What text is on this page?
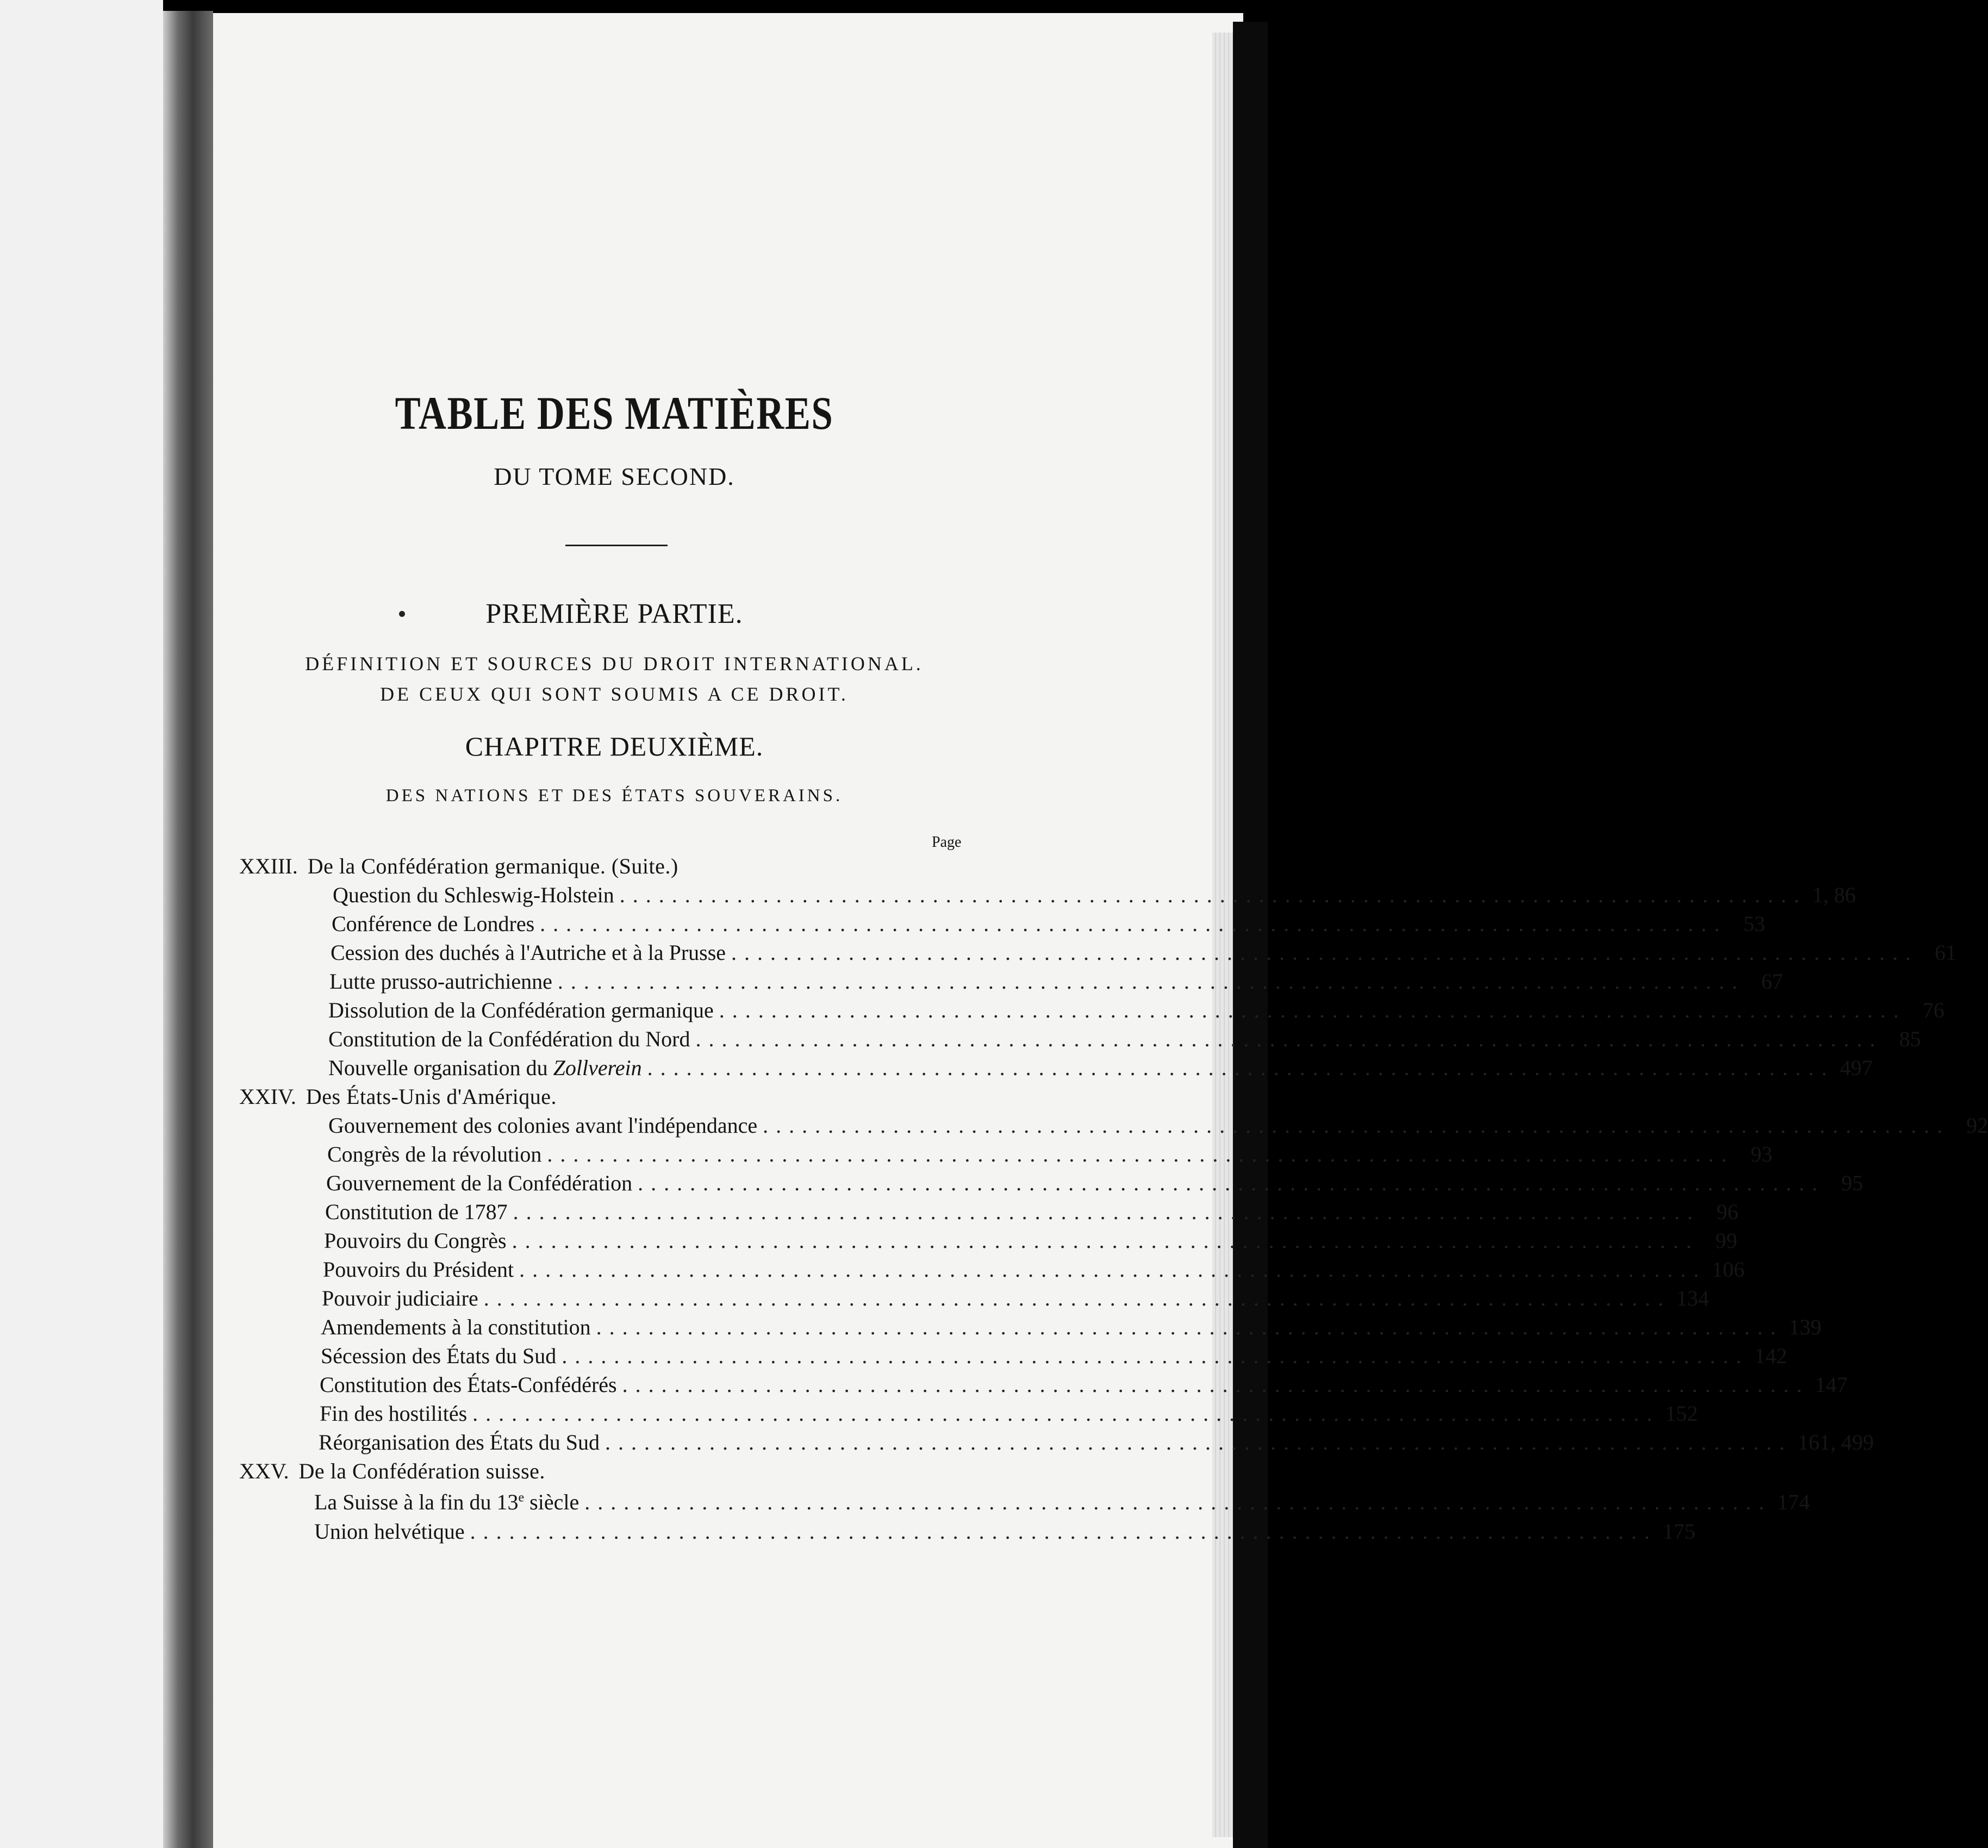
TABLE DES MATIÈRES
DU TOME SECOND.
PREMIÈRE PARTIE.
DÉFINITION ET SOURCES DU DROIT INTERNATIONAL.
DE CEUX QUI SONT SOUMIS A CE DROIT.
CHAPITRE DEUXIÈME.
DES NATIONS ET DES ÉTATS SOUVERAINS.
Page
XXIII. De la Confédération germanique. (Suite.)
Question du Schleswig-Holstein ........................................................................................... 1, 86
Conférence de Londres ........................................................................................... 53
Cession des duchés à l'Autriche et à la Prusse ........................................................................................... 61
Lutte prusso-autrichienne ........................................................................................... 67
Dissolution de la Confédération germanique ........................................................................................... 76
Constitution de la Confédération du Nord ........................................................................................... 85
Nouvelle organisation du Zollverein ........................................................................................... 497
XXIV. Des États-Unis d'Amérique.
Gouvernement des colonies avant l'indépendance ........................................................................................... 92
Congrès de la révolution ........................................................................................... 93
Gouvernement de la Confédération ........................................................................................... 95
Constitution de 1787 ........................................................................................... 96
Pouvoirs du Congrès ........................................................................................... 99
Pouvoirs du Président ........................................................................................... 106
Pouvoir judiciaire ........................................................................................... 134
Amendements à la constitution ........................................................................................... 139
Sécession des États du Sud ........................................................................................... 142
Constitution des États-Confédérés ........................................................................................... 147
Fin des hostilités ........................................................................................... 152
Réorganisation des États du Sud ........................................................................................... 161, 499
XXV. De la Confédération suisse.
La Suisse à la fin du 13e siècle ........................................................................................... 174
Union helvétique ........................................................................................... 175
